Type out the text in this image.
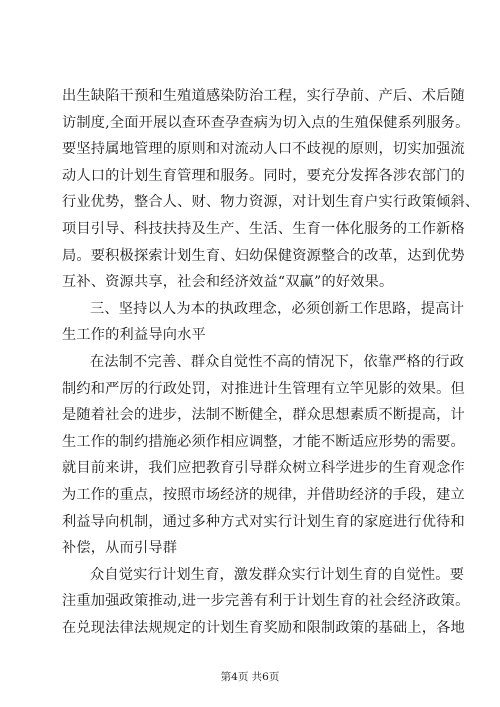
出生缺陷干预和生殖道感染防治工程，实行孕前、产后、术后随
访制度,全面开展以查环查孕查病为切入点的生殖保健系列服务。
要坚持属地管理的原则和对流动人口不歧视的原则，切实加强流
动人口的计划生育管理和服务。同时，要充分发挥各涉农部门的
行业优势，整合人、财、物力资源，对计划生育户实行政策倾斜、
项目引导、科技扶持及生产、生活、生育一体化服务的工作新格
局。要积极探索计划生育、妇幼保健资源整合的改革，达到优势
互补、资源共享，社会和经济效益“双赢”的好效果。
三、坚持以人为本的执政理念，必须创新工作思路，提高计
生工作的利益导向水平
在法制不完善、群众自觉性不高的情况下，依靠严格的行政
制约和严厉的行政处罚，对推进计生管理有立竿见影的效果。但
是随着社会的进步，法制不断健全，群众思想素质不断提高，计
生工作的制约措施必须作相应调整，才能不断适应形势的需要。
就目前来讲，我们应把教育引导群众树立科学进步的生育观念作
为工作的重点，按照市场经济的规律，并借助经济的手段，建立
利益导向机制，通过多种方式对实行计划生育的家庭进行优待和
补偿，从而引导群
众自觉实行计划生育，激发群众实行计划生育的自觉性。要
注重加强政策推动,进一步完善有利于计划生育的社会经济政策。
在兑现法律法规规定的计划生育奖励和限制政策的基础上，各地
第4页 共6页
